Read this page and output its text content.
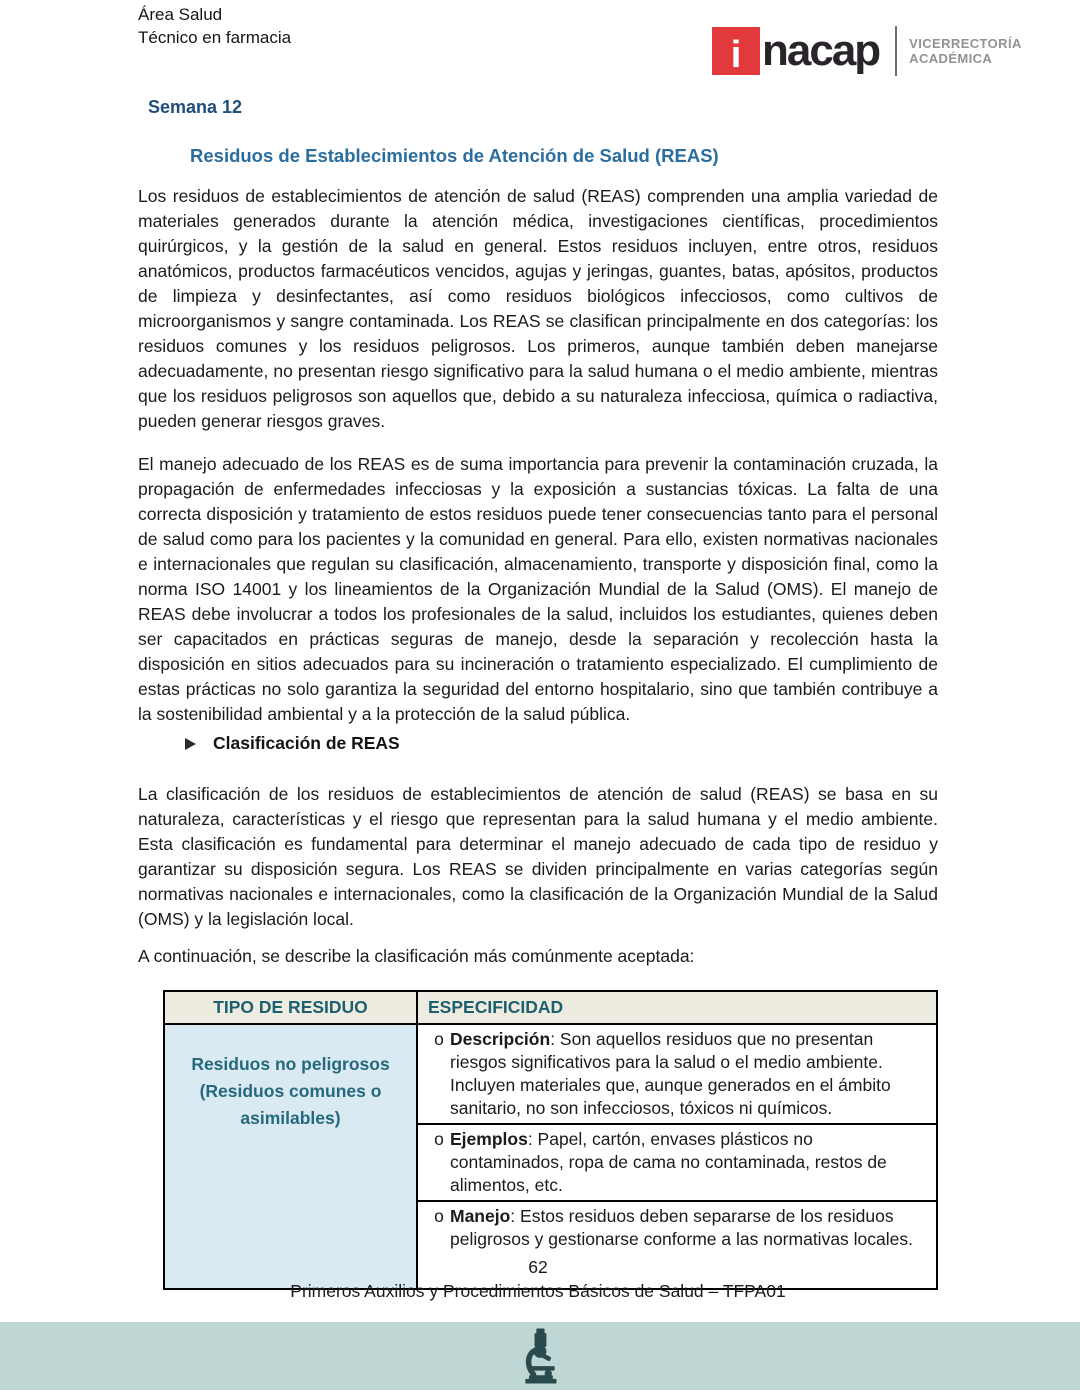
Área Salud
Técnico en farmacia	i nacap VICERRECTORÍA
ACADÉMICA
Semana 12
Residuos de Establecimientos de Atención de Salud (REAS)
Los residuos de establecimientos de atención de salud (REAS) comprenden una amplia variedad de materiales generados durante la atención médica, investigaciones científicas, procedimientos quirúrgicos, y la gestión de la salud en general. Estos residuos incluyen, entre otros, residuos anatómicos, productos farmacéuticos vencidos, agujas y jeringas, guantes, batas, apósitos, productos de limpieza y desinfectantes, así como residuos biológicos infecciosos, como cultivos de microorganismos y sangre contaminada. Los REAS se clasifican principalmente en dos categorías: los residuos comunes y los residuos peligrosos. Los primeros, aunque también deben manejarse adecuadamente, no presentan riesgo significativo para la salud humana o el medio ambiente, mientras que los residuos peligrosos son aquellos que, debido a su naturaleza infecciosa, química o radiactiva, pueden generar riesgos graves.
El manejo adecuado de los REAS es de suma importancia para prevenir la contaminación cruzada, la propagación de enfermedades infecciosas y la exposición a sustancias tóxicas. La falta de una correcta disposición y tratamiento de estos residuos puede tener consecuencias tanto para el personal de salud como para los pacientes y la comunidad en general. Para ello, existen normativas nacionales e internacionales que regulan su clasificación, almacenamiento, transporte y disposición final, como la norma ISO 14001 y los lineamientos de la Organización Mundial de la Salud (OMS). El manejo de REAS debe involucrar a todos los profesionales de la salud, incluidos los estudiantes, quienes deben ser capacitados en prácticas seguras de manejo, desde la separación y recolección hasta la disposición en sitios adecuados para su incineración o tratamiento especializado. El cumplimiento de estas prácticas no solo garantiza la seguridad del entorno hospitalario, sino que también contribuye a la sostenibilidad ambiental y a la protección de la salud pública.
Clasificación de REAS
La clasificación de los residuos de establecimientos de atención de salud (REAS) se basa en su naturaleza, características y el riesgo que representan para la salud humana y el medio ambiente. Esta clasificación es fundamental para determinar el manejo adecuado de cada tipo de residuo y garantizar su disposición segura. Los REAS se dividen principalmente en varias categorías según normativas nacionales e internacionales, como la clasificación de la Organización Mundial de la Salud (OMS) y la legislación local.
A continuación, se describe la clasificación más comúnmente aceptada:
TIPO DE RESIDUO	ESPECIFICIDAD
Residuos no peligrosos (Residuos comunes o asimilables)	o Descripción: Son aquellos residuos que no presentan riesgos significativos para la salud o el medio ambiente. Incluyen materiales que, aunque generados en el ámbito sanitario, no son infecciosos, tóxicos ni químicos.

	o Ejemplos: Papel, cartón, envases plásticos no contaminados, ropa de cama no contaminada, restos de alimentos, etc.

	o Manejo: Estos residuos deben separarse de los residuos peligrosos y gestionarse conforme a las normativas locales.
62
Primeros Auxilios y Procedimientos Básicos de Salud – TFPA01
